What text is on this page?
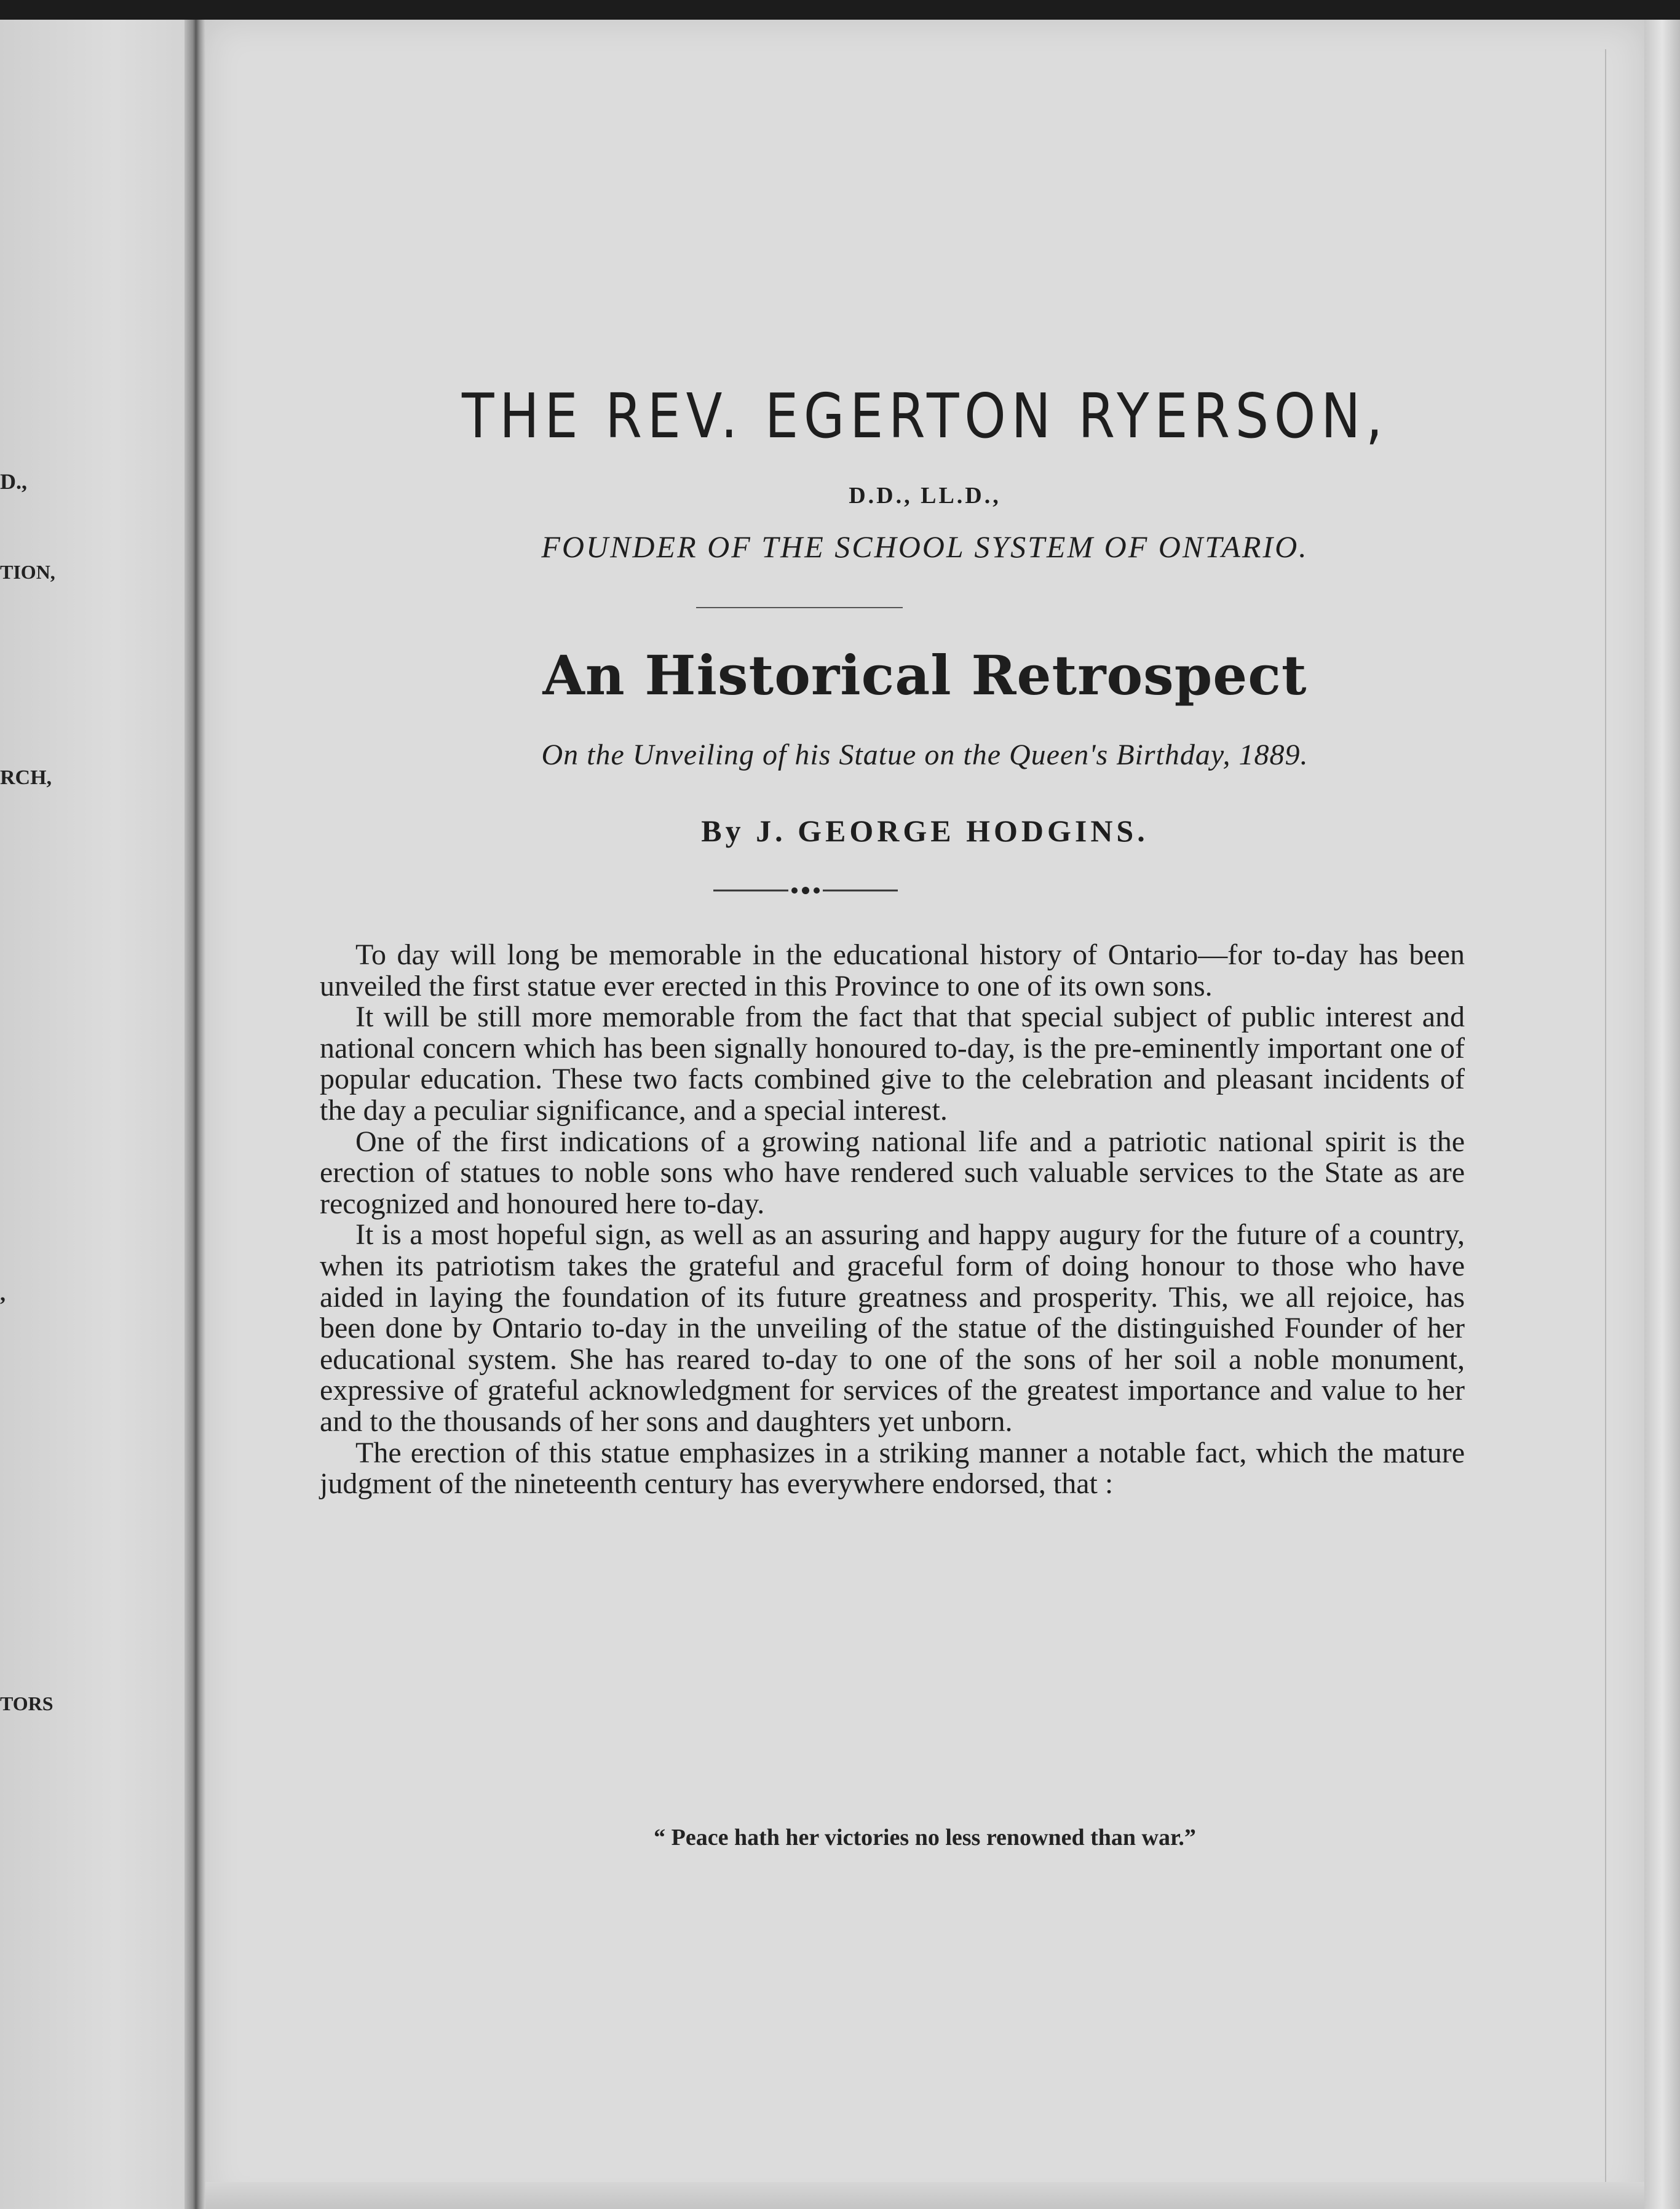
D.,
TION,
RCH,
,
TORS
THE REV. EGERTON RYERSON,
D.D., LL.D.,
FOUNDER OF THE SCHOOL SYSTEM OF ONTARIO.
An Historical Retrospect
On the Unveiling of his Statue on the Queen's Birthday, 1889.
By J. GEORGE HODGINS.

To day will long be memorable in the educational history of Ontario—for to-day has been unveiled the first statue ever erected in this Province to one of its own sons.

It will be still more memorable from the fact that that special subject of public interest and national concern which has been signally honoured to-day, is the pre-eminently important one of popular education. These two facts combined give to the celebration and pleasant incidents of the day a peculiar significance, and a special interest.

One of the first indications of a growing national life and a patriotic national spirit is the erection of statues to noble sons who have rendered such valuable services to the State as are recognized and honoured here to-day.

It is a most hopeful sign, as well as an assuring and happy augury for the future of a country, when its patriotism takes the grateful and graceful form of doing honour to those who have aided in laying the foundation of its future greatness and prosperity. This, we all rejoice, has been done by Ontario to-day in the unveiling of the statue of the distinguished Founder of her educational system. She has reared to-day to one of the sons of her soil a noble monument, expressive of grateful acknowledgment for services of the greatest importance and value to her and to the thousands of her sons and daughters yet unborn.

The erection of this statue emphasizes in a striking manner a notable fact, which the mature judgment of the nineteenth century has everywhere endorsed, that :

“ Peace hath her victories no less renowned than war.”
